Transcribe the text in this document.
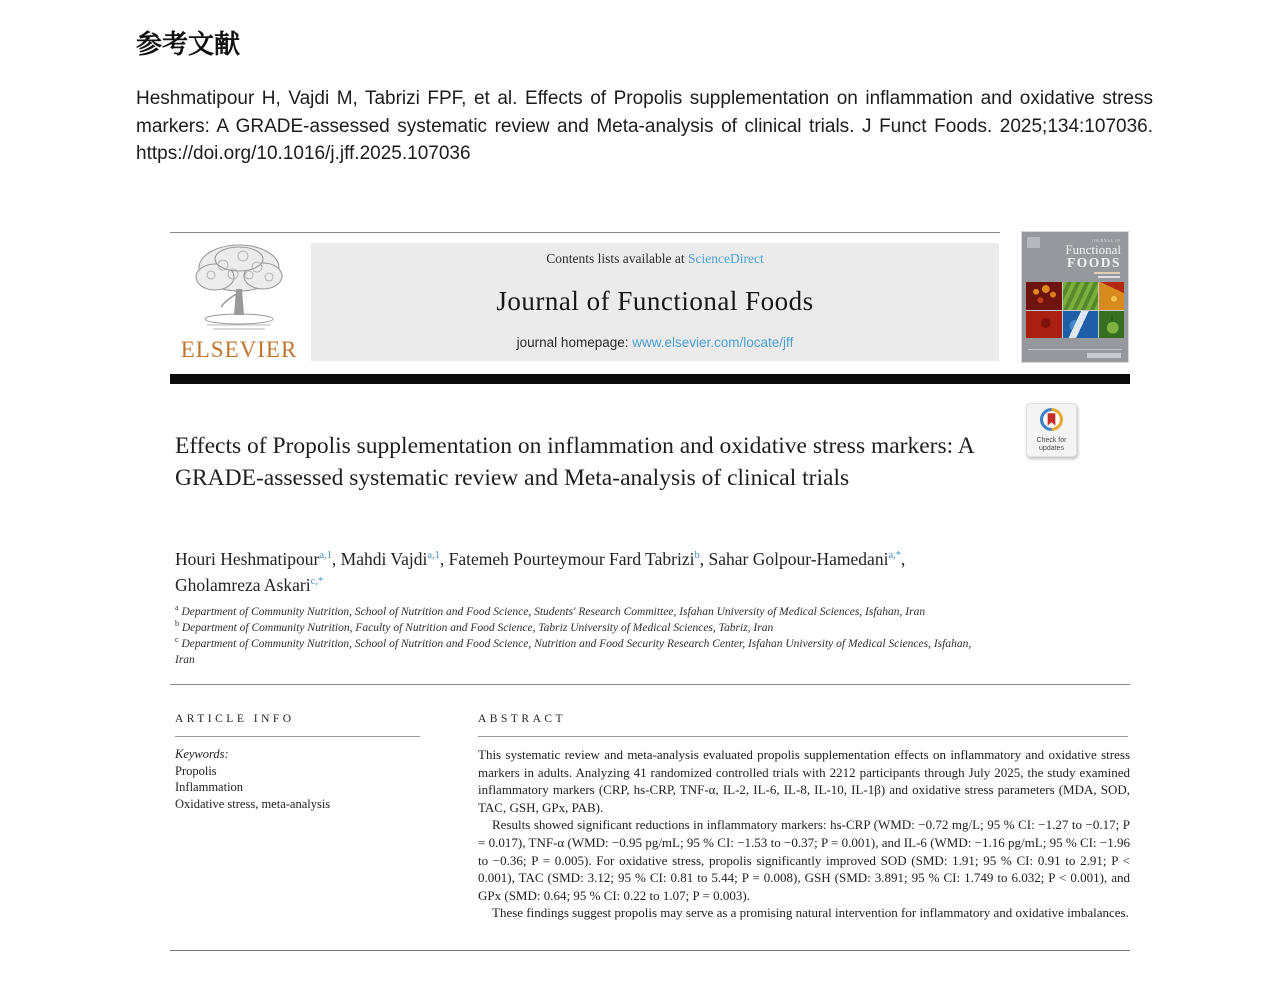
参考文献
Heshmatipour H, Vajdi M, Tabrizi FPF, et al. Effects of Propolis supplementation on inflammation and oxidative stress markers: A GRADE-assessed systematic review and Meta-analysis of clinical trials. J Funct Foods. 2025;134:107036. https://doi.org/10.1016/j.jff.2025.107036
ELSEVIER
Contents lists available at ScienceDirect
Journal of Functional Foods
journal homepage: www.elsevier.com/locate/jff
JOURNAL OF
Functional
FOODS
Check for
updates
Effects of Propolis supplementation on inflammation and oxidative stress markers: A GRADE-assessed systematic review and Meta-analysis of clinical trials
Houri Heshmatipour$^{a,1}$, Mahdi Vajdi$^{a,1}$, Fatemeh Pourteymour Fard Tabrizi$^b$, Sahar Golpour-Hamedani$^{a,*}$, Gholamreza Askari$^{c,*}$
$^a$ Department of Community Nutrition, School of Nutrition and Food Science, Students' Research Committee, Isfahan University of Medical Sciences, Isfahan, Iran
$^b$ Department of Community Nutrition, Faculty of Nutrition and Food Science, Tabriz University of Medical Sciences, Tabriz, Iran
$^c$ Department of Community Nutrition, School of Nutrition and Food Science, Nutrition and Food Security Research Center, Isfahan University of Medical Sciences, Isfahan, Iran
ARTICLE INFO
Keywords:
Propolis
Inflammation
Oxidative stress, meta-analysis
ABSTRACT

This systematic review and meta-analysis evaluated propolis supplementation effects on inflammatory and oxidative stress markers in adults. Analyzing 41 randomized controlled trials with 2212 participants through July 2025, the study examined inflammatory markers (CRP, hs-CRP, TNF-α, IL-2, IL-6, IL-8, IL-10, IL-1β) and oxidative stress parameters (MDA, SOD, TAC, GSH, GPx, PAB).

Results showed significant reductions in inflammatory markers: hs-CRP (WMD: −0.72 mg/L; 95 % CI: −1.27 to −0.17; P = 0.017), TNF-α (WMD: −0.95 pg/mL; 95 % CI: −1.53 to −0.37; P = 0.001), and IL-6 (WMD: −1.16 pg/mL; 95 % CI: −1.96 to −0.36; P = 0.005). For oxidative stress, propolis significantly improved SOD (SMD: 1.91; 95 % CI: 0.91 to 2.91; P < 0.001), TAC (SMD: 3.12; 95 % CI: 0.81 to 5.44; P = 0.008), GSH (SMD: 3.891; 95 % CI: 1.749 to 6.032; P < 0.001), and GPx (SMD: 0.64; 95 % CI: 0.22 to 1.07; P = 0.003).

These findings suggest propolis may serve as a promising natural intervention for inflammatory and oxidative imbalances.
